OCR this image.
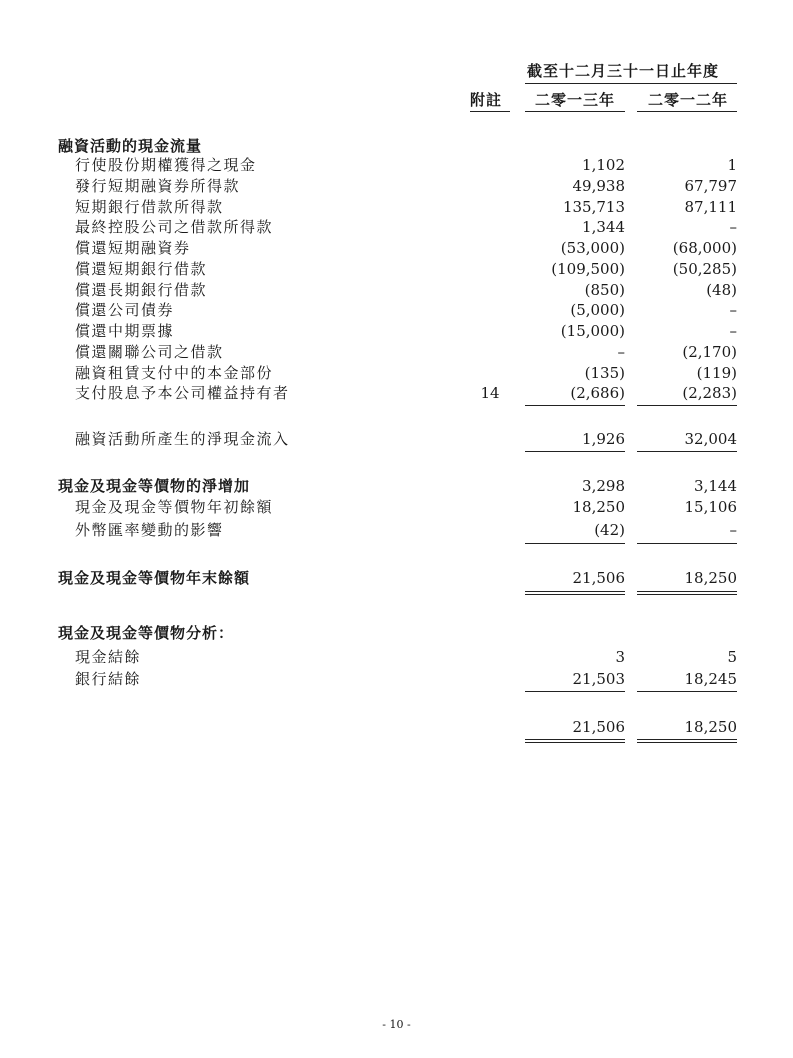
截至十二月三十一日止年度
附註 二零一三年 二零一二年
融資活動的現金流量
行使股份期權獲得之現金	1,102	1
發行短期融資券所得款	49,938	67,797
短期銀行借款所得款	135,713	87,111
最終控股公司之借款所得款	1,344	–
償還短期融資券	(53,000)	(68,000)
償還短期銀行借款	(109,500)	(50,285)
償還長期銀行借款	(850)	(48)
償還公司債券	(5,000)	–
償還中期票據	(15,000)	–
償還關聯公司之借款	–	(2,170)
融資租賃支付中的本金部份	(135)	(119)
支付股息予本公司權益持有者	14	(2,686)	(2,283)
融資活動所產生的淨現金流入	1,926	32,004
現金及現金等價物的淨增加	3,298	3,144
現金及現金等價物年初餘額	18,250	15,106
外幣匯率變動的影響	(42)	–
現金及現金等價物年末餘額	21,506	18,250
現金及現金等價物分析：
現金結餘	3	5
銀行結餘	21,503	18,245
21,506	18,250
- 10 -
